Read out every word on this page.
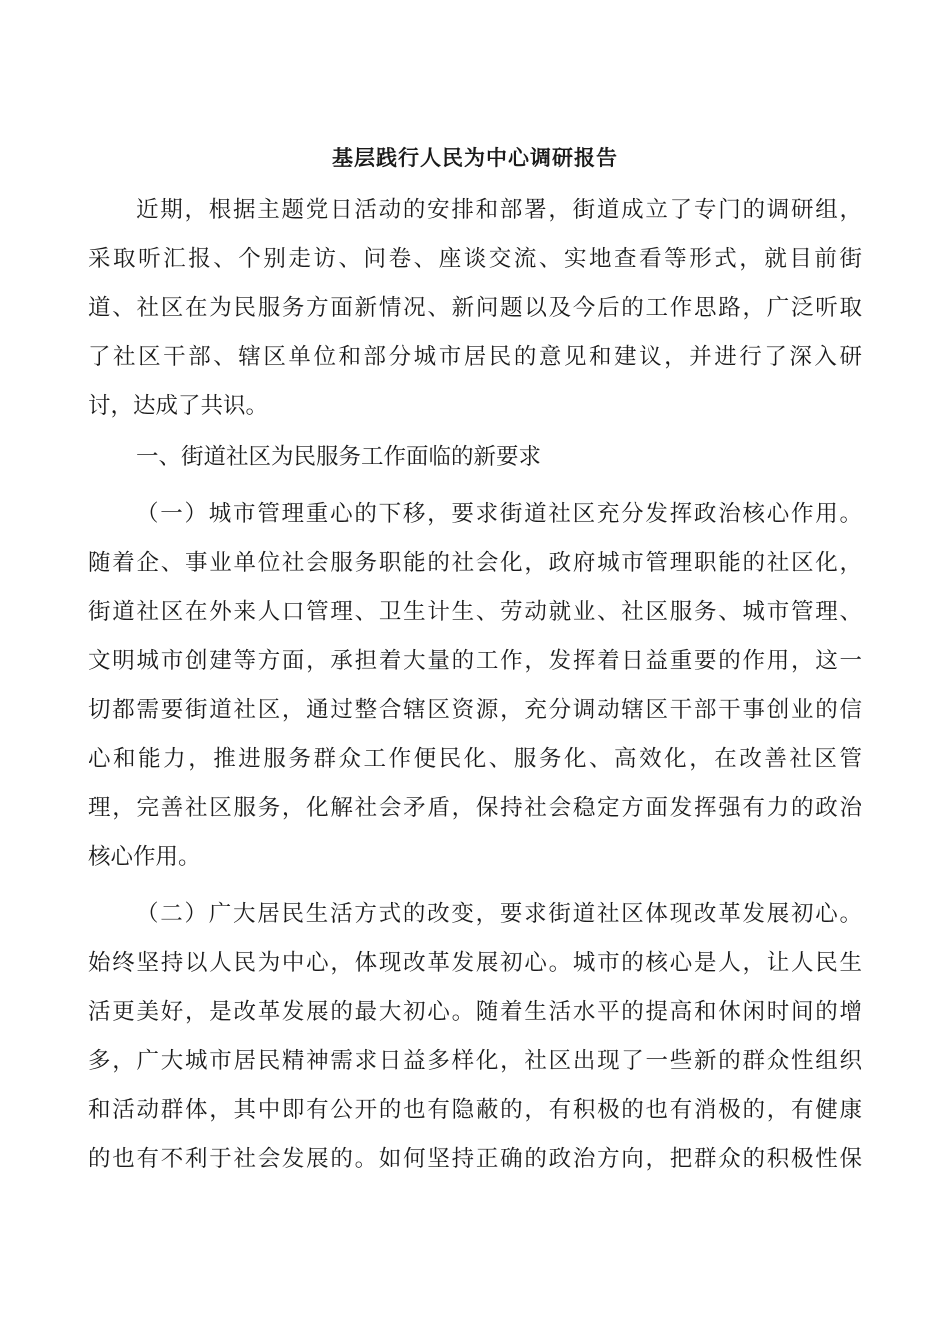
基层践行人民为中心调研报告
近期，根据主题党日活动的安排和部署，街道成立了专门的调研组，
采取听汇报、个别走访、问卷、座谈交流、实地查看等形式，就目前街
道、社区在为民服务方面新情况、新问题以及今后的工作思路，广泛听取
了社区干部、辖区单位和部分城市居民的意见和建议，并进行了深入研
讨，达成了共识。
一、街道社区为民服务工作面临的新要求
（一）城市管理重心的下移，要求街道社区充分发挥政治核心作用。
随着企、事业单位社会服务职能的社会化，政府城市管理职能的社区化，
街道社区在外来人口管理、卫生计生、劳动就业、社区服务、城市管理、
文明城市创建等方面，承担着大量的工作，发挥着日益重要的作用，这一
切都需要街道社区，通过整合辖区资源，充分调动辖区干部干事创业的信
心和能力，推进服务群众工作便民化、服务化、高效化，在改善社区管
理，完善社区服务，化解社会矛盾，保持社会稳定方面发挥强有力的政治
核心作用。
（二）广大居民生活方式的改变，要求街道社区体现改革发展初心。
始终坚持以人民为中心，体现改革发展初心。城市的核心是人，让人民生
活更美好，是改革发展的最大初心。随着生活水平的提高和休闲时间的增
多，广大城市居民精神需求日益多样化，社区出现了一些新的群众性组织
和活动群体，其中即有公开的也有隐蔽的，有积极的也有消极的，有健康
的也有不利于社会发展的。如何坚持正确的政治方向，把群众的积极性保
